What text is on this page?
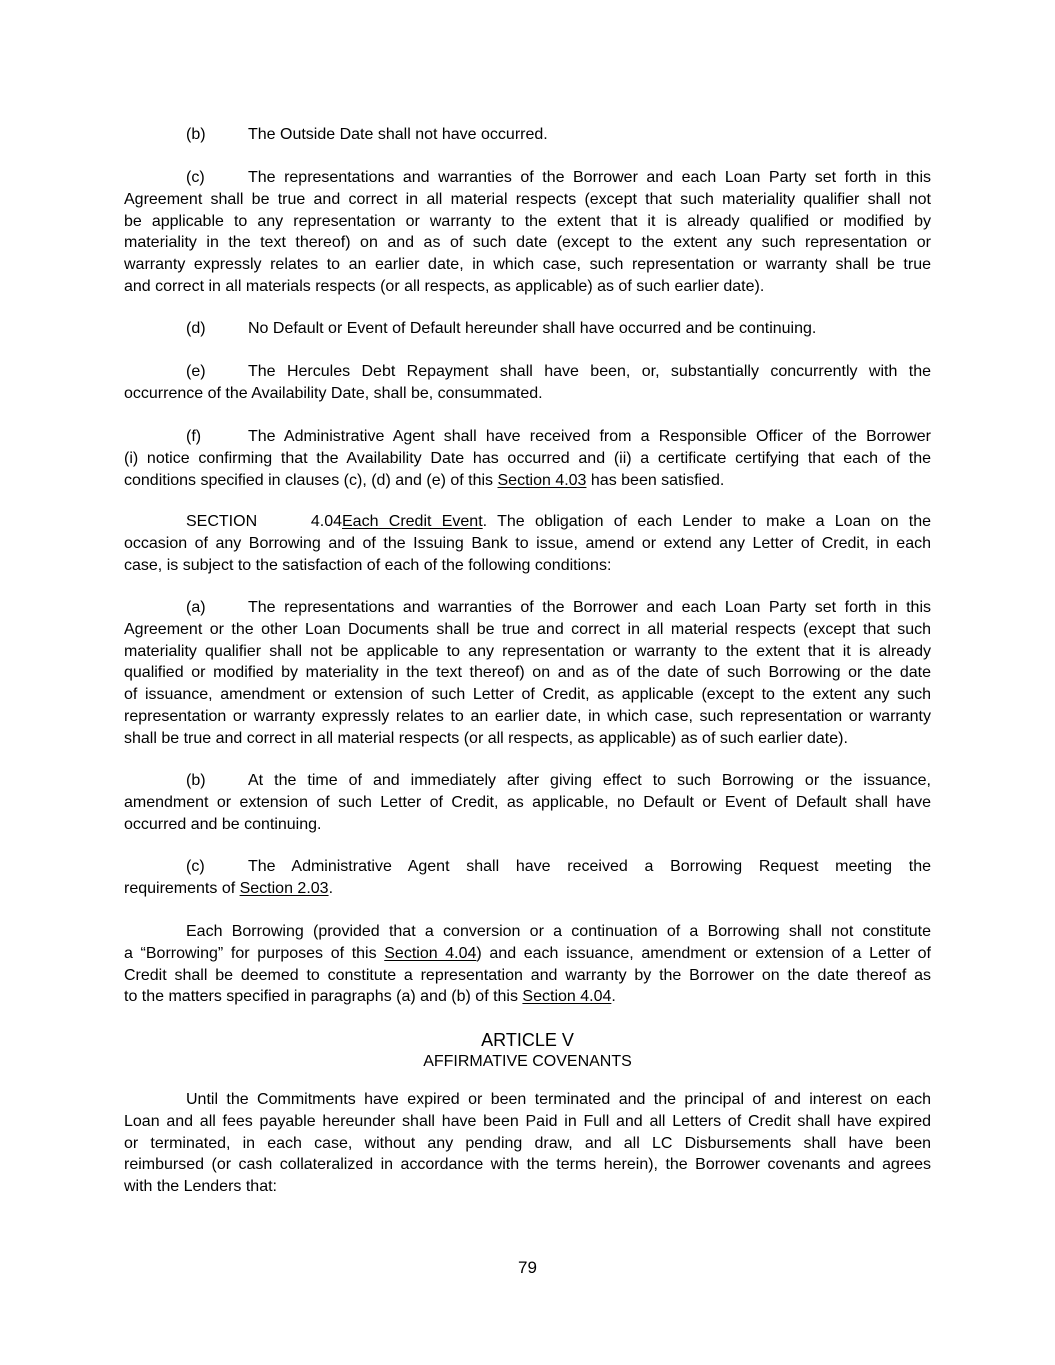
(b)	The Outside Date shall not have occurred.
(c)	The representations and warranties of the Borrower and each Loan Party set forth in this
Agreement shall be true and correct in all material respects (except that such materiality qualifier shall not
be applicable to any representation or warranty to the extent that it is already qualified or modified by
materiality in the text thereof) on and as of such date (except to the extent any such representation or
warranty expressly relates to an earlier date, in which case, such representation or warranty shall be true
and correct in all materials respects (or all respects, as applicable) as of such earlier date).
(d)	No Default or Event of Default hereunder shall have occurred and be continuing.
(e)	The Hercules Debt Repayment shall have been, or, substantially concurrently with the
occurrence of the Availability Date, shall be, consummated.
(f)	The Administrative Agent shall have received from a Responsible Officer of the Borrower
(i) notice confirming that the Availability Date has occurred and (ii) a certificate certifying that each of the
conditions specified in clauses (c), (d) and (e) of this Section 4.03 has been satisfied.
SECTION 4.04Each Credit Event. The obligation of each Lender to make a Loan on the
occasion of any Borrowing and of the Issuing Bank to issue, amend or extend any Letter of Credit, in each
case, is subject to the satisfaction of each of the following conditions:
(a)	The representations and warranties of the Borrower and each Loan Party set forth in this
Agreement or the other Loan Documents shall be true and correct in all material respects (except that such
materiality qualifier shall not be applicable to any representation or warranty to the extent that it is already
qualified or modified by materiality in the text thereof) on and as of the date of such Borrowing or the date
of issuance, amendment or extension of such Letter of Credit, as applicable (except to the extent any such
representation or warranty expressly relates to an earlier date, in which case, such representation or warranty
shall be true and correct in all material respects (or all respects, as applicable) as of such earlier date).
(b)	At the time of and immediately after giving effect to such Borrowing or the issuance,
amendment or extension of such Letter of Credit, as applicable, no Default or Event of Default shall have
occurred and be continuing.
(c)	The Administrative Agent shall have received a Borrowing Request meeting the
requirements of Section 2.03.
Each Borrowing (provided that a conversion or a continuation of a Borrowing shall not constitute
a “Borrowing” for purposes of this Section 4.04) and each issuance, amendment or extension of a Letter of
Credit shall be deemed to constitute a representation and warranty by the Borrower on the date thereof as
to the matters specified in paragraphs (a) and (b) of this Section 4.04.
ARTICLE V
AFFIRMATIVE COVENANTS
Until the Commitments have expired or been terminated and the principal of and interest on each
Loan and all fees payable hereunder shall have been Paid in Full and all Letters of Credit shall have expired
or terminated, in each case, without any pending draw, and all LC Disbursements shall have been
reimbursed (or cash collateralized in accordance with the terms herein), the Borrower covenants and agrees
with the Lenders that:
79
